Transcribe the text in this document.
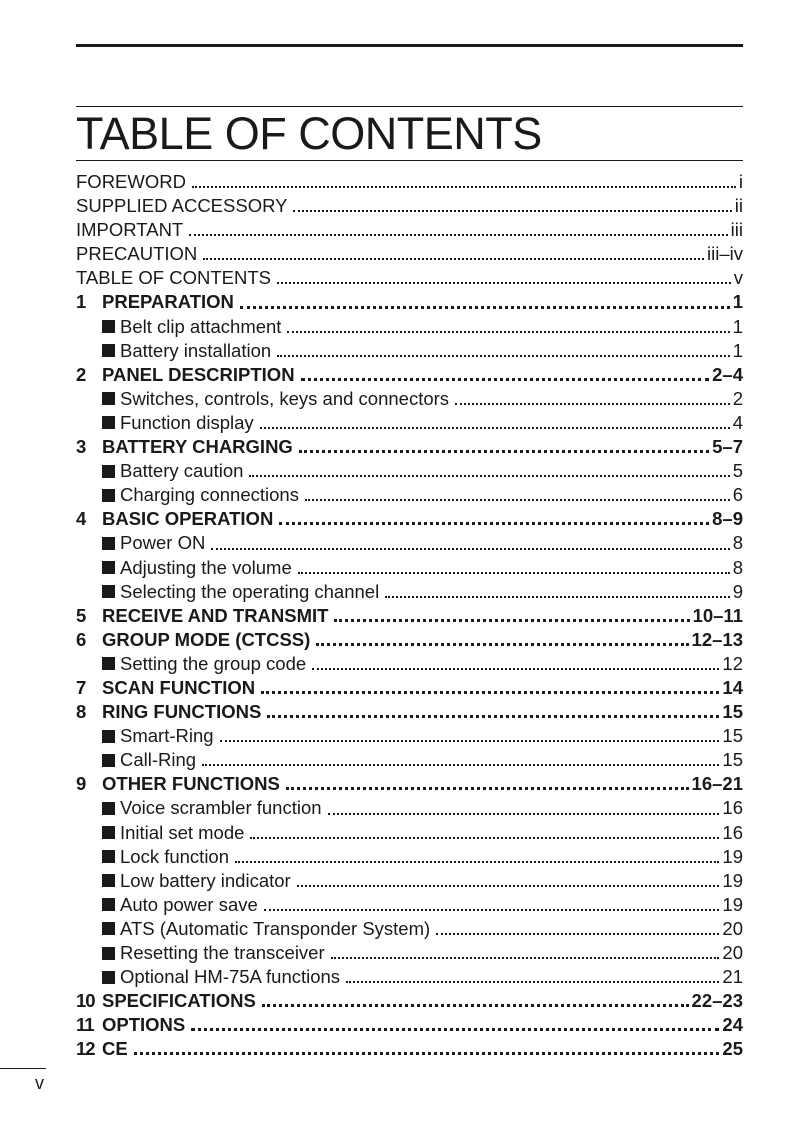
TABLE OF CONTENTS
FOREWORD	i
SUPPLIED ACCESSORY	ii
IMPORTANT	iii
PRECAUTION	iii–iv
TABLE OF CONTENTS	v
1 PREPARATION	1
Belt clip attachment	1
Battery installation	1
2 PANEL DESCRIPTION	2–4
Switches, controls, keys and connectors	2
Function display	4
3 BATTERY CHARGING	5–7
Battery caution	5
Charging connections	6
4 BASIC OPERATION	8–9
Power ON	8
Adjusting the volume	8
Selecting the operating channel	9
5 RECEIVE AND TRANSMIT	10–11
6 GROUP MODE (CTCSS)	12–13
Setting the group code	12
7 SCAN FUNCTION	14
8 RING FUNCTIONS	15
Smart-Ring	15
Call-Ring	15
9 OTHER FUNCTIONS	16–21
Voice scrambler function	16
Initial set mode	16
Lock function	19
Low battery indicator	19
Auto power save	19
ATS (Automatic Transponder System)	20
Resetting the transceiver	20
Optional HM-75A functions	21
10 SPECIFICATIONS	22–23
11 OPTIONS	24
12 CE	25
v
